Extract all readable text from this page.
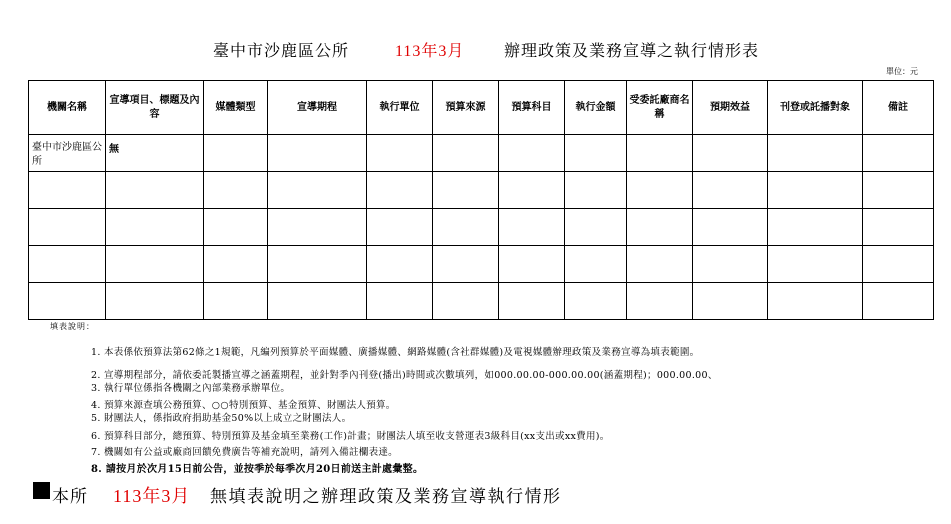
臺中市沙鹿區公所	113年3月 辦理政策及業務宣導之執行情形表
單位：元
機關名稱	宣導項目、標題及內容	媒體類型	宣導期程	執行單位	預算來源	預算科目	執行金額	受委託廠商名稱	預期效益	刊登或託播對象	備註
臺中市沙鹿區公所	無										

填表說明：
1. 本表係依預算法第62條之1規範，凡編列預算於平面媒體、廣播媒體、網路媒體(含社群媒體)及電視媒體辦理政策及業務宣導為填表範圍。
2. 宣導期程部分，請依委託製播宣導之涵蓋期程，並針對季內刊登(播出)時間或次數填列，如000.00.00-000.00.00(涵蓋期程)；000.00.00、
3. 執行單位係指各機關之內部業務承辦單位。
4. 預算來源查填公務預算、○○特別預算、基金預算、財團法人預算。
5. 財團法人，係指政府捐助基金50%以上成立之財團法人。
6. 預算科目部分，總預算、特別預算及基金填至業務(工作)計畫；財團法人填至收支營運表3級科目(xx支出或xx費用)。
7. 機關如有公益或廠商回饋免費廣告等補充說明，請列入備註欄表達。
8. 請按月於次月15日前公告，並按季於每季次月20日前送主計處彙整。
本所 113年3月 無填表說明之辦理政策及業務宣導執行情形
